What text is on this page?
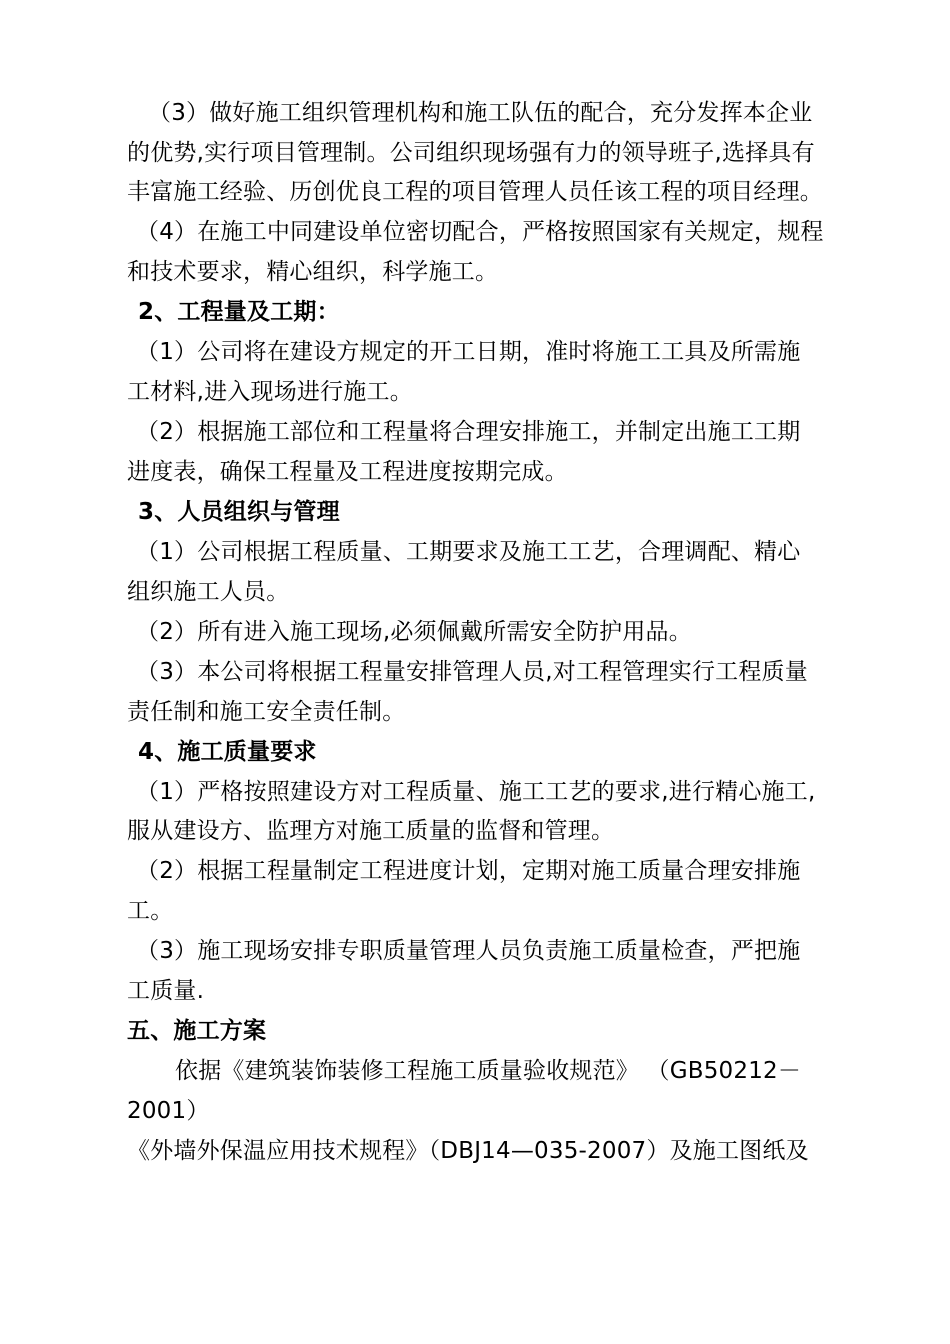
（3）做好施工组织管理机构和施工队伍的配合，充分发挥本企业
的优势,实行项目管理制。公司组织现场强有力的领导班子,选择具有
丰富施工经验、历创优良工程的项目管理人员任该工程的项目经理。
（4）在施工中同建设单位密切配合，严格按照国家有关规定，规程
和技术要求，精心组织，科学施工。
2、工程量及工期：
（1）公司将在建设方规定的开工日期，准时将施工工具及所需施
工材料,进入现场进行施工。
（2）根据施工部位和工程量将合理安排施工，并制定出施工工期
进度表，确保工程量及工程进度按期完成。
3、人员组织与管理
（1）公司根据工程质量、工期要求及施工工艺，合理调配、精心
组织施工人员。
（2）所有进入施工现场,必须佩戴所需安全防护用品。
（3）本公司将根据工程量安排管理人员,对工程管理实行工程质量
责任制和施工安全责任制。
4、施工质量要求
（1）严格按照建设方对工程质量、施工工艺的要求,进行精心施工,
服从建设方、监理方对施工质量的监督和管理。
（2）根据工程量制定工程进度计划，定期对施工质量合理安排施
工。
（3）施工现场安排专职质量管理人员负责施工质量检查，严把施
工质量.
五、施工方案
依据《建筑装饰装修工程施工质量验收规范》 （GB50212－
2001）
《外墙外保温应用技术规程》（DBJ14—035-2007）及施工图纸及
